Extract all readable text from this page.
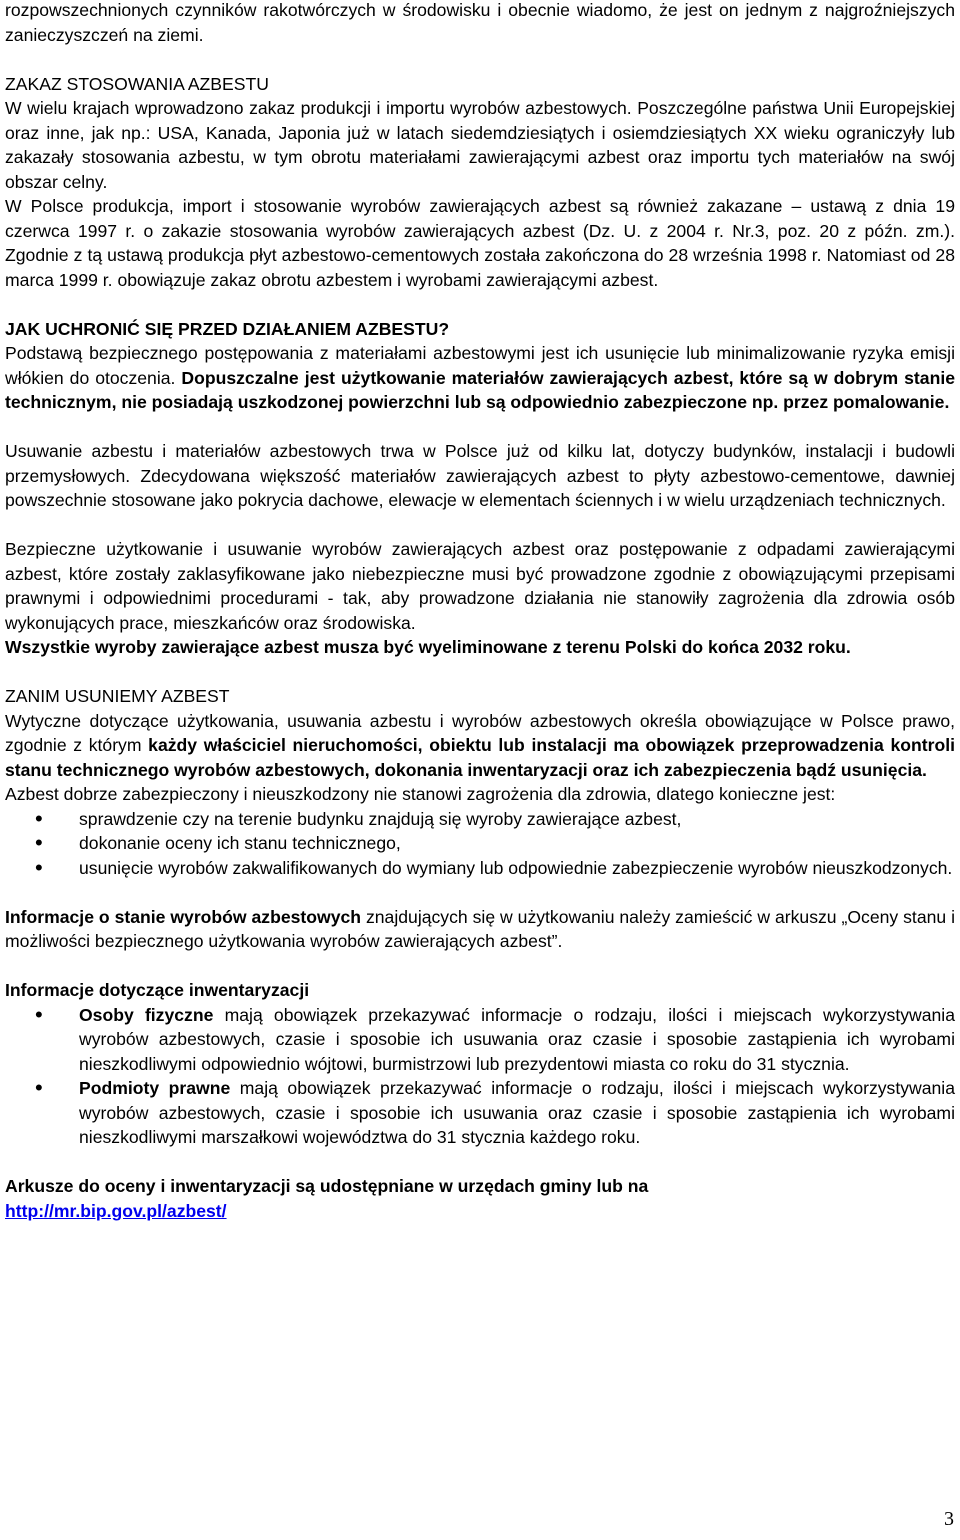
rozpowszechnionych czynników rakotwórczych w środowisku i obecnie wiadomo, że jest on jednym z najgroźniejszych zanieczyszczeń na ziemi.

ZAKAZ STOSOWANIA AZBESTU

W wielu krajach wprowadzono zakaz produkcji i importu wyrobów azbestowych. Poszczególne państwa Unii Europejskiej oraz inne, jak np.: USA, Kanada, Japonia już w latach siedemdziesiątych i osiemdziesiątych XX wieku ograniczyły lub zakazały stosowania azbestu, w tym obrotu materiałami zawierającymi azbest oraz importu tych materiałów na swój obszar celny.

W Polsce produkcja, import i stosowanie wyrobów zawierających azbest są również zakazane – ustawą z dnia 19 czerwca 1997 r. o zakazie stosowania wyrobów zawierających azbest (Dz. U. z 2004 r. Nr.3, poz. 20 z późn. zm.). Zgodnie z tą ustawą produkcja płyt azbestowo-cementowych została zakończona do 28 września 1998 r. Natomiast od 28 marca 1999 r. obowiązuje zakaz obrotu azbestem i wyrobami zawierającymi azbest.

JAK UCHRONIĆ SIĘ PRZED DZIAŁANIEM AZBESTU?

Podstawą bezpiecznego postępowania z materiałami azbestowymi jest ich usunięcie lub minimalizowanie ryzyka emisji włókien do otoczenia. Dopuszczalne jest użytkowanie materiałów zawierających azbest, które są w dobrym stanie technicznym, nie posiadają uszkodzonej powierzchni lub są odpowiednio zabezpieczone np. przez pomalowanie.

Usuwanie azbestu i materiałów azbestowych trwa w Polsce już od kilku lat, dotyczy budynków, instalacji i budowli przemysłowych. Zdecydowana większość materiałów zawierających azbest to płyty azbestowo-cementowe, dawniej powszechnie stosowane jako pokrycia dachowe, elewacje w elementach ściennych i w wielu urządzeniach technicznych.

Bezpieczne użytkowanie i usuwanie wyrobów zawierających azbest oraz postępowanie z odpadami zawierającymi azbest, które zostały zaklasyfikowane jako niebezpieczne musi być prowadzone zgodnie z obowiązującymi przepisami prawnymi i odpowiednimi procedurami - tak, aby prowadzone działania nie stanowiły zagrożenia dla zdrowia osób wykonujących prace, mieszkańców oraz środowiska.

Wszystkie wyroby zawierające azbest musza być wyeliminowane z terenu Polski do końca 2032 roku.

ZANIM USUNIEMY AZBEST

Wytyczne dotyczące użytkowania, usuwania azbestu i wyrobów azbestowych określa obowiązujące w Polsce prawo, zgodnie z którym każdy właściciel nieruchomości, obiektu lub instalacji ma obowiązek przeprowadzenia kontroli stanu technicznego wyrobów azbestowych, dokonania inwentaryzacji oraz ich zabezpieczenia bądź usunięcia.

Azbest dobrze zabezpieczony i nieuszkodzony nie stanowi zagrożenia dla zdrowia, dlatego konieczne jest:

• sprawdzenie czy na terenie budynku znajdują się wyroby zawierające azbest,
• dokonanie oceny ich stanu technicznego,
• usunięcie wyrobów zakwalifikowanych do wymiany lub odpowiednie zabezpieczenie wyrobów nieuszkodzonych.

Informacje o stanie wyrobów azbestowych znajdujących się w użytkowaniu należy zamieścić w arkuszu „Oceny stanu i możliwości bezpiecznego użytkowania wyrobów zawierających azbest”.

Informacje dotyczące inwentaryzacji

• Osoby fizyczne mają obowiązek przekazywać informacje o rodzaju, ilości i miejscach wykorzystywania wyrobów azbestowych, czasie i sposobie ich usuwania oraz czasie i sposobie zastąpienia ich wyrobami nieszkodliwymi odpowiednio wójtowi, burmistrzowi lub prezydentowi miasta co roku do 31 stycznia.
• Podmioty prawne mają obowiązek przekazywać informacje o rodzaju, ilości i miejscach wykorzystywania wyrobów azbestowych, czasie i sposobie ich usuwania oraz czasie i sposobie zastąpienia ich wyrobami nieszkodliwymi marszałkowi województwa do 31 stycznia każdego roku.

Arkusze do oceny i inwentaryzacji są udostępniane w urzędach gminy lub na

http://mr.bip.gov.pl/azbest/

3
